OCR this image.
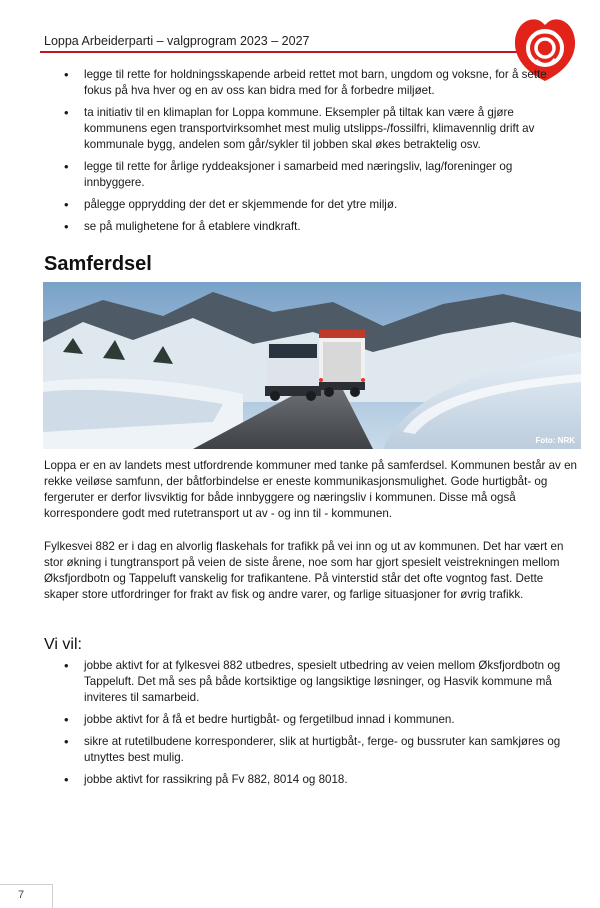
Loppa Arbeiderparti – valgprogram 2023 – 2027
• legge til rette for holdningsskapende arbeid rettet mot barn, ungdom og voksne, for å sette fokus på hva hver og en av oss kan bidra med for å forbedre miljøet.
• ta initiativ til en klimaplan for Loppa kommune. Eksempler på tiltak kan være å gjøre kommunens egen transportvirksomhet mest mulig utslipps-/fossilfri, klimavennlig drift av kommunale bygg, andelen som går/sykler til jobben skal økes betraktelig osv.
• legge til rette for årlige ryddeaksjoner i samarbeid med næringsliv, lag/foreninger og innbyggere.
• pålegge opprydding der det er skjemmende for det ytre miljø.
• se på mulighetene for å etablere vindkraft.
Samferdsel
Foto: NRK

Loppa er en av landets mest utfordrende kommuner med tanke på samferdsel. Kommunen består av en rekke veiløse samfunn, der båtforbindelse er eneste kommunikasjonsmulighet. Gode hurtigbåt- og fergeruter er derfor livsviktig for både innbyggere og næringsliv i kommunen. Disse må også korrespondere godt med rutetransport ut av - og inn til - kommunen.

Fylkesvei 882 er i dag en alvorlig flaskehals for trafikk på vei inn og ut av kommunen. Det har vært en stor økning i tungtransport på veien de siste årene, noe som har gjort spesielt veistrekningen mellom Øksfjordbotn og Tappeluft vanskelig for trafikantene. På vinterstid står det ofte vogntog fast. Dette skaper store utfordringer for frakt av fisk og andre varer, og farlige situasjoner for øvrig trafikk.

Vi vil:
• jobbe aktivt for at fylkesvei 882 utbedres, spesielt utbedring av veien mellom Øksfjordbotn og Tappeluft. Det må ses på både kortsiktige og langsiktige løsninger, og Hasvik kommune må inviteres til samarbeid.
• jobbe aktivt for å få et bedre hurtigbåt- og fergetilbud innad i kommunen.
• sikre at rutetilbudene korresponderer, slik at hurtigbåt-, ferge- og bussruter kan samkjøres og utnyttes best mulig.
• jobbe aktivt for rassikring på Fv 882, 8014 og 8018.
7
